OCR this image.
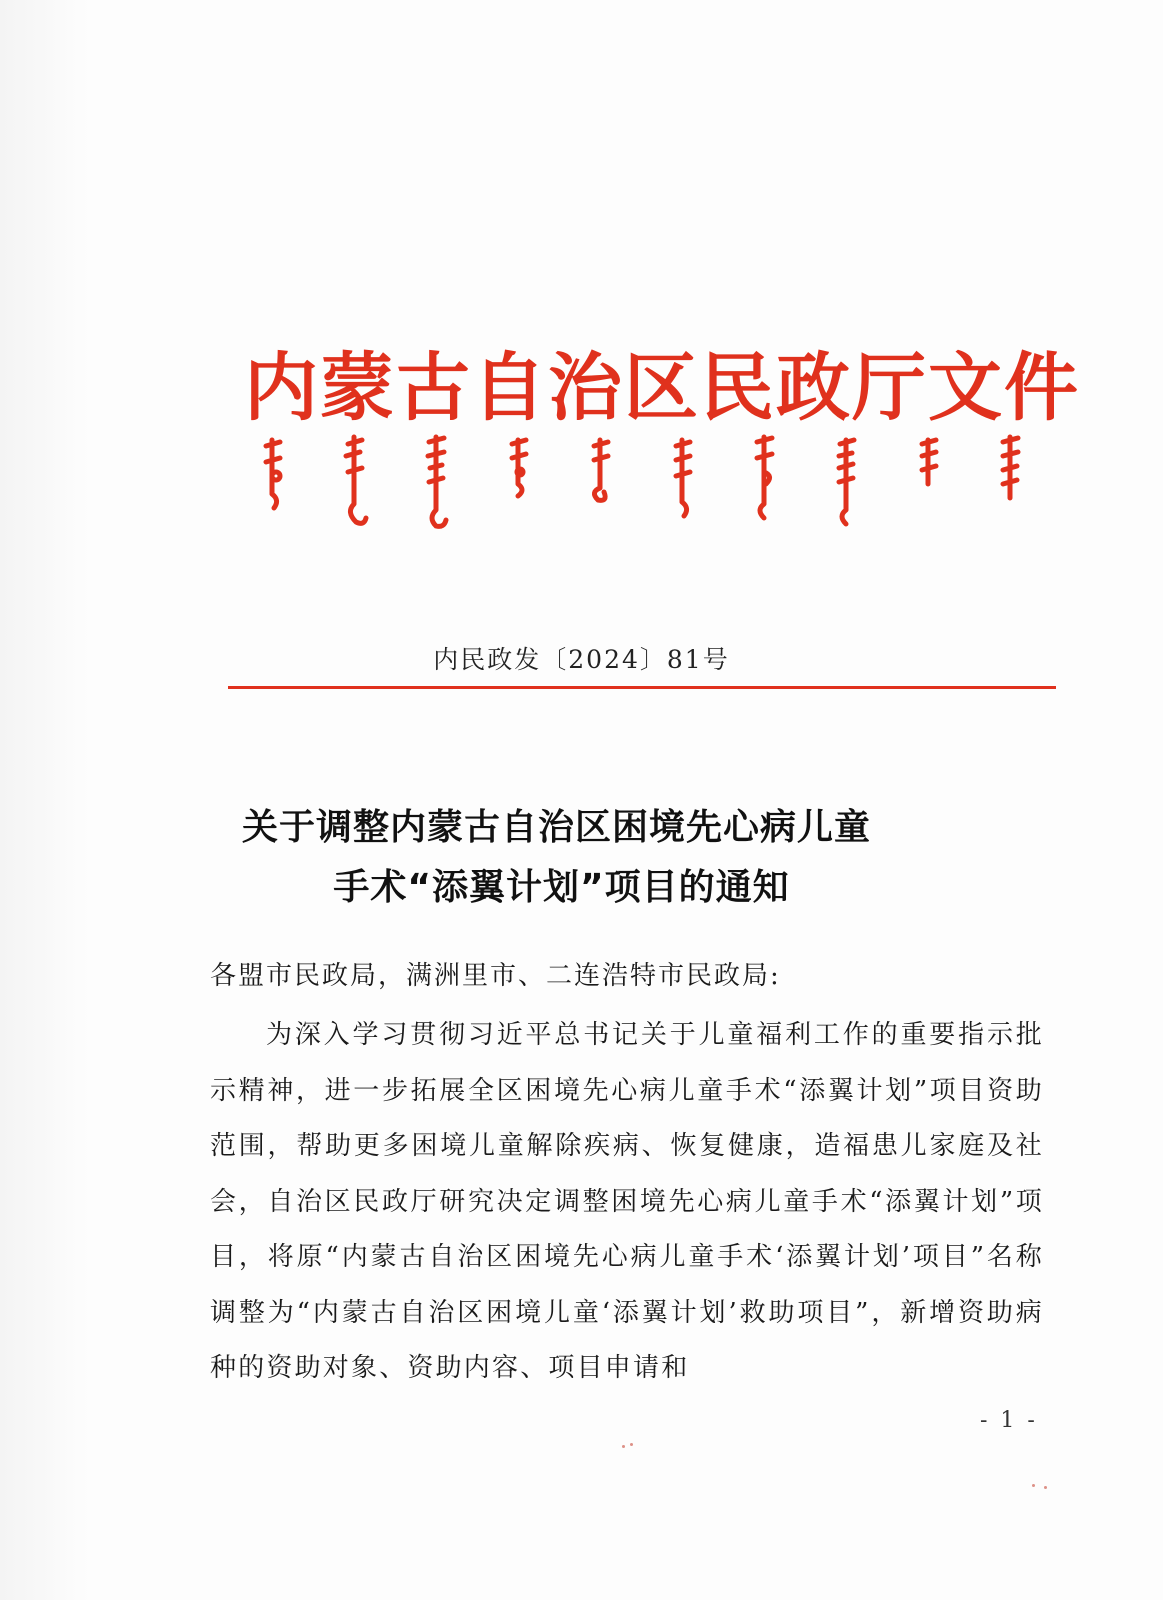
内蒙古自治区民政厅文件
内民政发〔2024〕81号
关于调整内蒙古自治区困境先心病儿童
手术“添翼计划”项目的通知
各盟市民政局，满洲里市、二连浩特市民政局:

为深入学习贯彻习近平总书记关于儿童福利工作的重要指示批示精神，进一步拓展全区困境先心病儿童手术“添翼计划”项目资助范围，帮助更多困境儿童解除疾病、恢复健康，造福患儿家庭及社会，自治区民政厅研究决定调整困境先心病儿童手术“添翼计划”项目，将原“内蒙古自治区困境先心病儿童手术‘添翼计划’项目”名称调整为“内蒙古自治区困境儿童‘添翼计划’救助项目”，新增资助病种的资助对象、资助内容、项目申请和

- 1 -
